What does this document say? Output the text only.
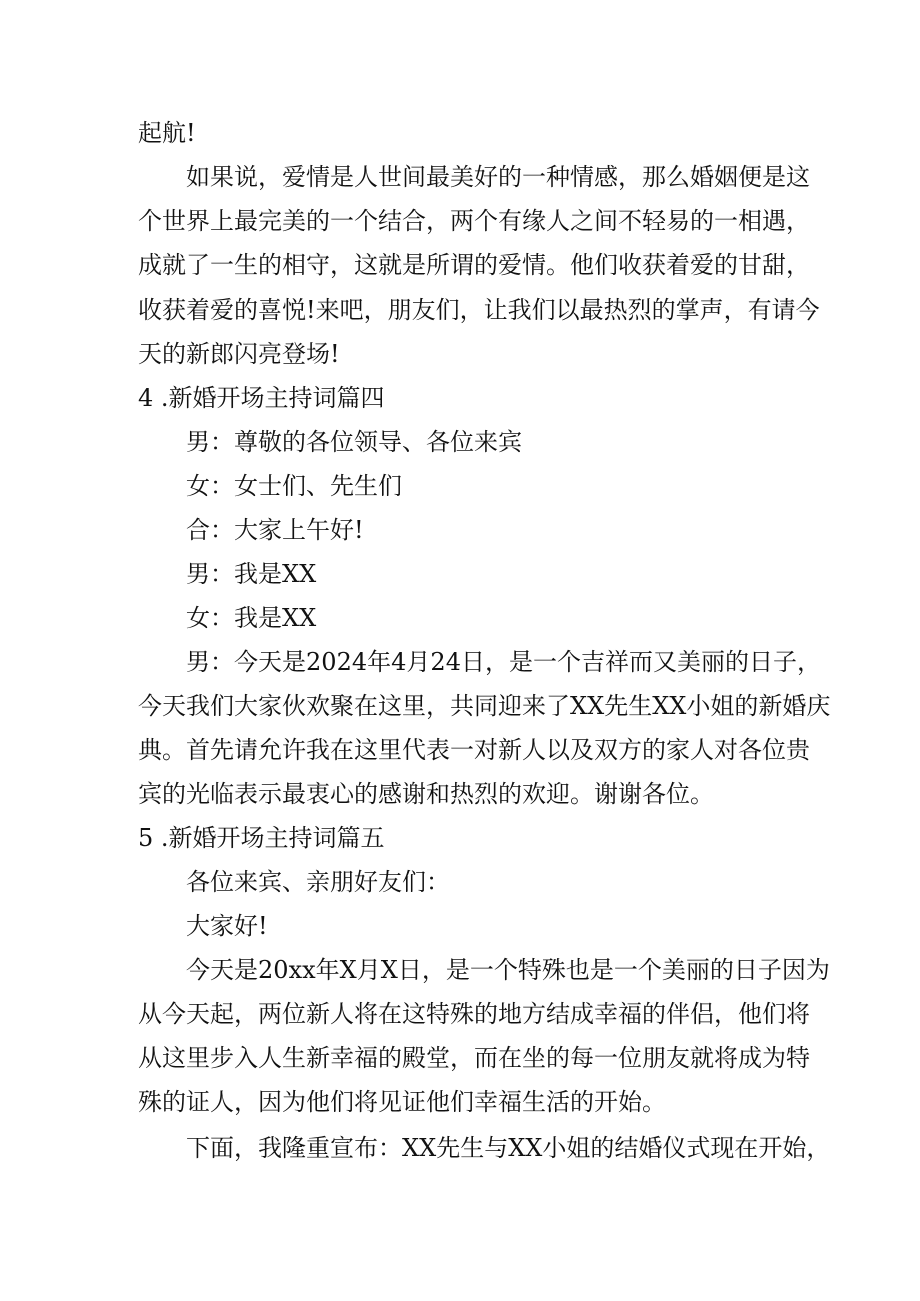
起航!
如 果 说 ， 爱 情 是 人 世 间 最 美 好 的 一 种 情 感 ， 那 么 婚 姻 便 是 这
个 世 界 上 最 完 美 的 一 个 结 合 ， 两 个 有 缘 人 之 间 不 轻 易 的 一 相 遇 ，
成 就 了 一 生 的 相 守 ， 这 就 是 所 谓 的 爱 情 。 他 们 收 获 着 爱 的 甘 甜 ，
收 获 着 爱 的 喜 悦 ! 来 吧 ， 朋 友 们 ， 让 我 们 以 最 热 烈 的 掌 声 ， 有 请 今
天的新郎闪亮登场!
4 .新婚开场主持词篇四
男：尊敬的各位领导、各位来宾
女：女士们、先生们
合：大家上午好!
男：我是XX
女：我是XX
男 ： 今 天 是 2 0 2 4 年 4 月 2 4 日 ， 是 一 个 吉 祥 而 又 美 丽 的 日 子 ，
今 天 我 们 大 家 伙 欢 聚 在 这 里 ， 共 同 迎 来 了 X X 先 生 X X 小 姐 的 新 婚 庆
典 。 首 先 请 允 许 我 在 这 里 代 表 一 对 新 人 以 及 双 方 的 家 人 对 各 位 贵
宾的光临表示最衷心的感谢和热烈的欢迎。谢谢各位。
5 .新婚开场主持词篇五
各位来宾、亲朋好友们：
大家好!
今 天 是 2 0 x x 年 X 月 X 日 ， 是 一 个 特 殊 也 是 一 个 美 丽 的 日 子 因 为
从 今 天 起 ， 两 位 新 人 将 在 这 特 殊 的 地 方 结 成 幸 福 的 伴 侣 ， 他 们 将
从 这 里 步 入 人 生 新 幸 福 的 殿 堂 ， 而 在 坐 的 每 一 位 朋 友 就 将 成 为 特
殊的证人，因为他们将见证他们幸福生活的开始。
下 面 ， 我 隆 重 宣 布 ： X X 先 生 与 X X 小 姐 的 结 婚 仪 式 现 在 开 始 ，
